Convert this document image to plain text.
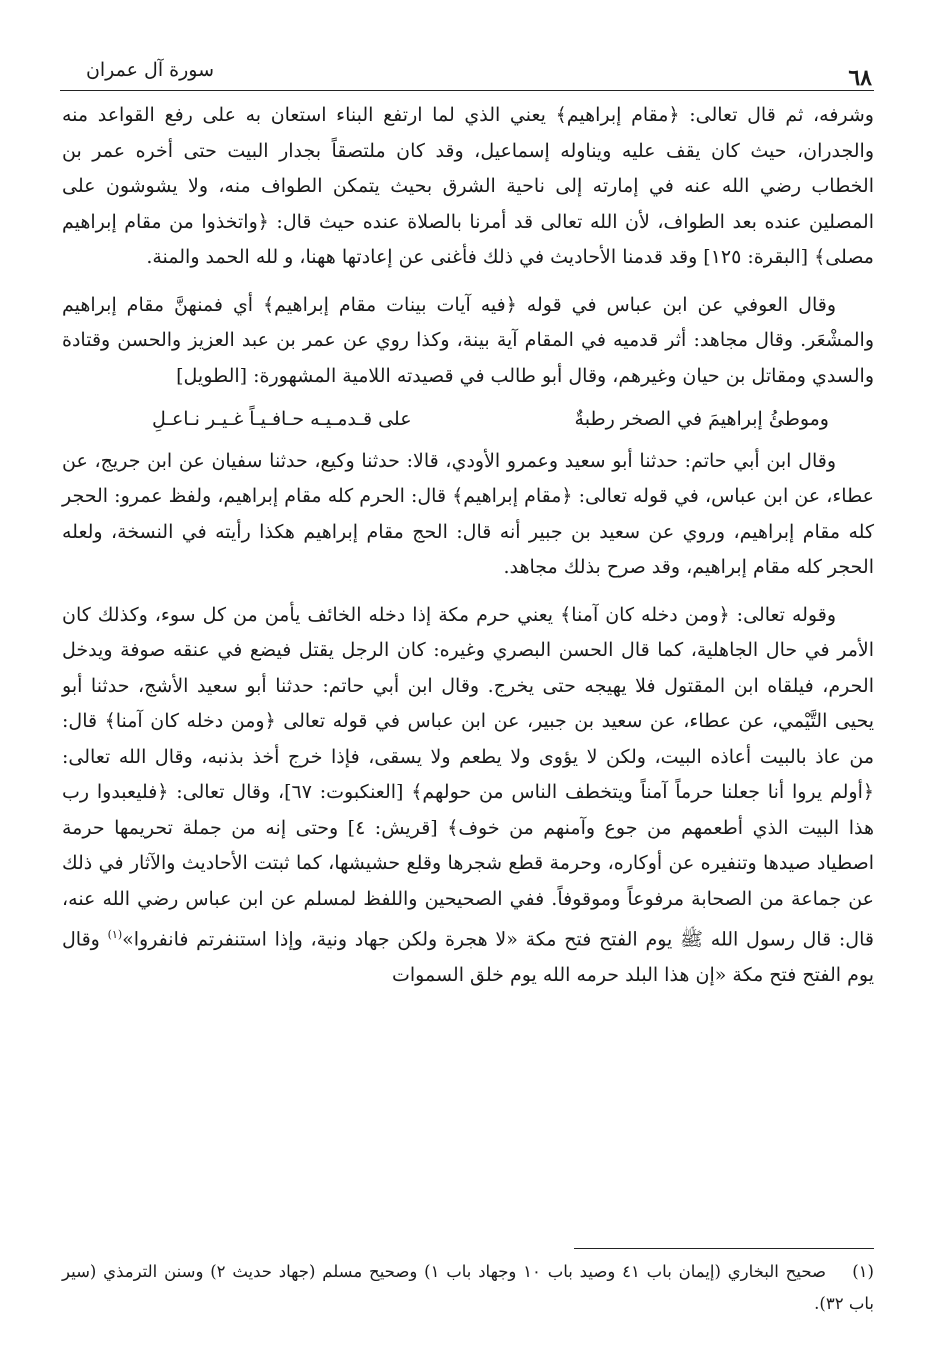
سورة آل عمران	٦٨

وشرفه، ثم قال تعالى: ﴿مقام إبراهيم﴾ يعني الذي لما ارتفع البناء استعان به على رفع القواعد منه والجدران، حيث كان يقف عليه ويناوله إسماعيل، وقد كان ملتصقاً بجدار البيت حتى أخره عمر بن الخطاب رضي الله عنه في إمارته إلى ناحية الشرق بحيث يتمكن الطواف منه، ولا يشوشون على المصلين عنده بعد الطواف، لأن الله تعالى قد أمرنا بالصلاة عنده حيث قال: ﴿واتخذوا من مقام إبراهيم مصلى﴾ [البقرة: ١٢٥] وقد قدمنا الأحاديث في ذلك فأغنى عن إعادتها ههنا، و لله الحمد والمنة.

وقال العوفي عن ابن عباس في قوله ﴿فيه آيات بينات مقام إبراهيم﴾ أي فمنهنَّ مقام إبراهيم والمشْعَر. وقال مجاهد: أثر قدميه في المقام آية بينة، وكذا روي عن عمر بن عبد العزيز والحسن وقتادة والسدي ومقاتل بن حيان وغيرهم، وقال أبو طالب في قصيدته اللامية المشهورة: [الطويل]

وموطئُ إبراهيمَ في الصخر رطبةٌ
على قـدمـيـه حـافـيـاً غـيـر نـاعـلِ

وقال ابن أبي حاتم: حدثنا أبو سعيد وعمرو الأودي، قالا: حدثنا وكيع، حدثنا سفيان عن ابن جريج، عن عطاء، عن ابن عباس، في قوله تعالى: ﴿مقام إبراهيم﴾ قال: الحرم كله مقام إبراهيم، ولفظ عمرو: الحجر كله مقام إبراهيم، وروي عن سعيد بن جبير أنه قال: الحج مقام إبراهيم هكذا رأيته في النسخة، ولعله الحجر كله مقام إبراهيم، وقد صرح بذلك مجاهد.

وقوله تعالى: ﴿ومن دخله كان آمنا﴾ يعني حرم مكة إذا دخله الخائف يأمن من كل سوء، وكذلك كان الأمر في حال الجاهلية، كما قال الحسن البصري وغيره: كان الرجل يقتل فيضع في عنقه صوفة ويدخل الحرم، فيلقاه ابن المقتول فلا يهيجه حتى يخرج. وقال ابن أبي حاتم: حدثنا أبو سعيد الأشج، حدثنا أبو يحيى التَّيْمي، عن عطاء، عن سعيد بن جبير، عن ابن عباس في قوله تعالى ﴿ومن دخله كان آمنا﴾ قال: من عاذ بالبيت أعاذه البيت، ولكن لا يؤوى ولا يطعم ولا يسقى، فإذا خرج أخذ بذنبه، وقال الله تعالى: ﴿أولم يروا أنا جعلنا حرماً آمناً ويتخطف الناس من حولهم﴾ [العنكبوت: ٦٧]، وقال تعالى: ﴿فليعبدوا رب هذا البيت الذي أطعمهم من جوع وآمنهم من خوف﴾ [قريش: ٤] وحتى إنه من جملة تحريمها حرمة اصطياد صيدها وتنفيره عن أوكاره، وحرمة قطع شجرها وقلع حشيشها، كما ثبتت الأحاديث والآثار في ذلك عن جماعة من الصحابة مرفوعاً وموقوفاً. ففي الصحيحين واللفظ لمسلم عن ابن عباس رضي الله عنه، قال: قال رسول الله ﷺ يوم الفتح فتح مكة «لا هجرة ولكن جهاد ونية، وإذا استنفرتم فانفروا»$^{(١)}$ وقال يوم الفتح فتح مكة «إن هذا البلد حرمه الله يوم خلق السموات

(١)صحيح البخاري (إيمان باب ٤١ وصيد باب ١٠ وجهاد باب ١) وصحيح مسلم (جهاد حديث ٢) وسنن الترمذي (سير باب ٣٢).
